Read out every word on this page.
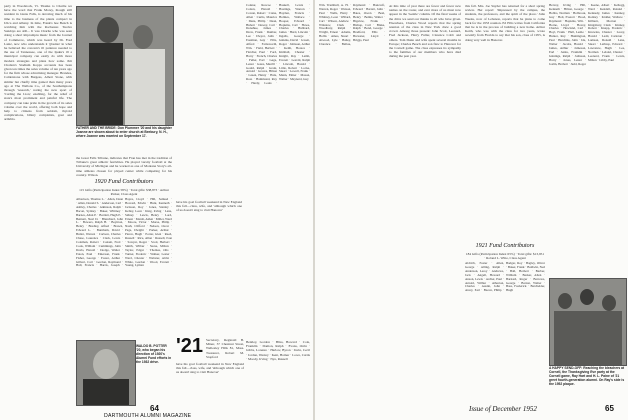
party in Woodstock, Vt. Thanks to Charlie we have the word that Frank Morey, though still resident in Glens Falls, is devoting much of his time to the business of the plants compact in Utica and Albany. In time, Frank's bee Bench is watching him with the Rochester. Twelve Sundays are still... It was Charlie who was seen doing a short impromptu music from the Journal of Commerce, which was heard by Dr. Fred Lantz, now who understands it 'glasites' in what he believed the concern's ill patience needed to the use of Tennessee, one of the Ipaku's ill a municipal company can easily do with more modern strategies and plans how some. Jim Cholten's Stadium Kopps accounts has been given ten times the sales volume of ten years ago for the firm whose advertising manager. Brandes, Calderstone with Burgess, Albert Stone, with similar but chiefly time gained than many years ago at The Wellons Co., of the Southamptons through 'research,' noting the new sport of 'Curling the Lion,' enabling, for the relief of state's most prominent and painful life. The company can take pride in the growth of its sales volume over the world, offering both hope and help to citizens from seldom, thyroid complications, biliary complaints, gout and arthritis.

FATHER AND THE BRIDE: Don Plummer '20 and his daughter Joanne are shown about to enter church at Beebury, N. H., where Joanne was married on September 17.

the Great Falls Tribune, indicates that Fran has met in the tradition of Tribune's great athletic festivities. He played varsity football at the University of Michigan and he worked as one of Montana Story's all-time athletes chosen for played center while competing for his country. Wilson.

1920 Fund Contributors
115 Gifts (Participation Index 58%) · Total gifts: $38,873 · Arthur Parker, Class Agent

Albertson, Thomas L. · Allen, Dean · Allen, Donald S. · Anderson, Carl · Ashley, Charles · Atkinson, Ralph · Bacon, Sydney · Baker, Whitney · Barnes, Allan P. · Bartlett, Hugh E. · Bennett, Neal D. · Blanchard, John L. · Bowers, Ralph H. · Boynton, Henry · Bradley, Alfred · Brown, Edward L. · Burnham, David · Butler, Warren · Carlson, Charles · Chase, Laurence · Clark, Lewis · Coleman, Robert · Conant, Fred · Cook, William · Cummings, John · Davis, Harold · Dodge, Walter · Eaton, Paul · Emerson, Frank · Fisher, George · Foster, Arthur · Gilbert, Carl · Gordon, Raymond · Hall, Francis · Harris, Joseph · Hayes, Lloyd · Hill, Samuel · Howard, Edwin · Hunt, Kenneth · Jackson, Roy · Jones, Stanley · Kelley, Leon · King, Irving · Lane, Sidney · Lewis, Henry · Lord, Ernest · Marsh, Alden · Miller, Ward · Moore, Victor · Morse, Philip · Nash, Clifford · Nelson, Oscar · Page, Dwight · Parker, Arthur · Pierce, Hugh · Porter, Glen · Reed, Russell · Rice, Allan · Russell, Ivan · Sawyer, Roger · Scott, Herbert · Smith, Wilbur · Stone, Milton · Taylor, Edgar · Thomas, Otis · Turner, Frederic · Walker, Lester · Ward, Chester · Webster, Alvin · White, Gordon · Wood, Everett · Young, Lyman

WALDO B. POTTER '20, who began his direction of 1920's Alumni Fund efforts in the 1932 drive.

have his goal football weekend in New England this fall—class, wife, and 'although which one of us doesn't sing to visit Hanover'

Connor, Roscoe · Cotton, Harold · Cowan, Robert · Crane, Allen · Curtis, Maurice · Dana, Philip · Dean, Hubert · Dewey, Carl · Donahue, James · Drew, Frank · Dunbar, Lee · Dwyer, John · Eastman, Guy · Ellis, Alfred · Farnsworth, Wm. · Field, Herbert · Fletcher, Paul · Ford, Harry · French, Charles · Fuller, Earl · Gage, Lester · Gates, Merrill · Gould, Ralph · Grant, Arnold · Graves, Hilton · Green, Henry · Hale, Ross · Hammond, Roy · Hardy, Louis · Haskell, Lewis · Hastings, Warren · Hayden, Francis · Holmes, Wallace · Hooper, Edward · Hopkins, Carl · Howe, Charles · Hubbard, James · Hurd, Lincoln · Ingalls, George · Jenkins, David · Jewett, Roger · Johnson, Arthur · Keith, Horace · Kimball, Chester · Knight, Ray · Lamb, Everett · Leavitt, Ralph · Lincoln, Harold · Little, Robert · Locke, Stuart · Lowell, Frank · Mann, Elmer · Mason, Walter · Maynard, Guy

'21 Secretary, Reginald B. Miner, 37 Chestnut Street, Wellesley Hills 81, Mass. Treasurer, Robert M. Stopford

have his goal football weekend in New England this fall—class, wife, and 'although which one of us doesn't sing to visit Hanover'

Bentley, Gordon · Bliss, Howard · Cole, Franklin · Damon, Ralph · Evans, Orrin · Gibbs, Lorenzo · Harlow, Byron · Irwin, Cecil · Jordan, Wesley · Kent, Homer · Lowe, Curtis · Moody, Irving · Nye, Russell

64
DARTMOUTH ALUMNI MAGAZINE

Wm. Trumbull, A. H. · Warren, Roger · Watson, Paul · Wells, Harry · Whitney, Leon · Willard, Carl · Wilson, Andrew · Winslow, Clark · Woodbury, Ralph · Wright, Ernest · Adams, Hollis · Ames, Stuart · Atwood, Lyle · Bailey, Clarence · Ballou, Raymond · Bancroft, Edward · Barrett, John · Bates, Owen · Beal, Henry · Bemis, Walter · Bigelow, Frank · Bishop, Carl · Blake, Ralph · Bond, George · Bradford, Ellis · Brewster, Lloyd · Briggs, Paul

At this time of year there are fewer and fewer new names on the roster, and ever more of us must now appear in the 'Gentle' column. Of the final weeks of the drive we send our thanks to all who have given. Elsewhere, Charles Wood reports that the spring reunion of the class in New York drew a good crowd. Among those present: John Scott, Leonard, Fred Jackson, Harry Fuller, Clarence Cobb and others. Tom Dunn and wife spent several months in Europe; Charles Beach and son flew to Hanover for the Cornell game. The class expresses its sympathy to the families of our members who have died during the past year.

this fall. Mrs. Joe Snyder has returned for a short spring review. Her report: 'Impressed by the campus, the students, the professors, and the spirit of the place.' John Weeks, now of Lebanon, reports that he plans to come back for the 1953 reunion. Ed Ellis writes from California that he is in the process of building a new home. Arthur Keith, who was with the class for two years, wrote recently from Florida to say that his son, class of 1955, is doing very well in Hanover.

1921 Fund Contributors
184 Gifts (Participation Index 63%) · Total gifts: $13,951 · Roland L. Witte, Class Agent

Aldrich, Foster · Allen, George · Alling, Ralph · Anderson, Leroy · Andrews, Jack · Angell, Howard · Anson, Lewis · Archer, Paul · Arnold, Wilbur · Atherton, Charles · Austin, John · Avery, Earl · Bacon, Philip · Badger, Roy · Bagley, Oliver · Baker, Frank · Baldwin, Ned · Ball, Herbert · Barber, William · Barker, Allen · Barnard, Roger · Barrows, George · Barton, Walter · Bass, Frederick · Batchelder, Hugh

Hervey, Irving · Hill, Kenneth · Hilton, George · Hobbs, Norman · Holbrook, Guy · Holt, Everett · Hood, Raymond · Hopkins, Wm. · Horne, Lloyd · Hovey, Charles · Howland, Carl · Hoyt, Frank · Hull, Leslie · Hunter, Roy · Huntington, Paul · Hutchins, John · Ide, Walter · Jacobs, Harold · James, Arthur · Jameson, Earl · Jenks, Franklin · Jennings, Ralph · Johnson, Harry · Jones, Lester · Joslin, Herbert · Judd, Roger · Keene, Albert · Kellogg, Ward · Kendall, Roland · Kennedy, James · Kenney, Rodney · Kidder, Wallace · Kilburn, Morton · Kingsbury, Clark · Kinney, Robert · Knapp, Frederic · Knowles, Chester · Lacey, Harold · Ladd, Carleton · Lamson, Donald · Lane, Stuart · Lathrop, Edward · Lawrence, Hugh · Lee, Norman · Leland, Chester · Leonard, Frank · Lewis, Milton · Libby, Paul

A HAPPY SEND-OFF: Reaching the bleachers at Cornell, the Thanksgiving Eve party at the Cornell game, Ray Hart and H. L. Paine of '21 greet fourth-generation alumni. On Ray's side is the 1952 plaque.
Issue of December 1952	65
